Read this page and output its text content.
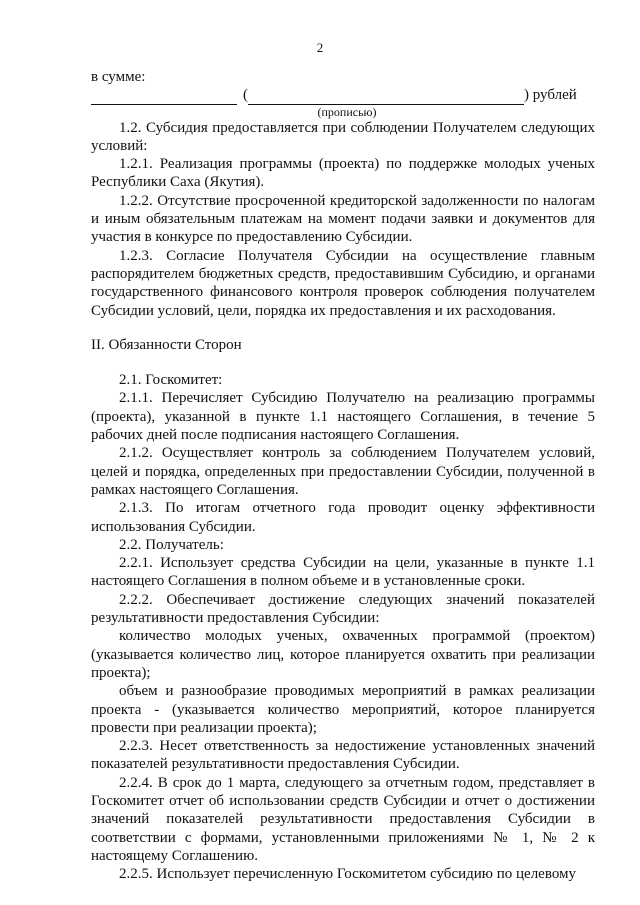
2

в сумме:

(	) рублей
(прописью)

1.2. Субсидия предоставляется при соблюдении Получателем следующих условий:

1.2.1. Реализация программы (проекта) по поддержке молодых ученых Республики Саха (Якутия).

1.2.2. Отсутствие просроченной кредиторской задолженности по налогам и иным обязательным платежам на момент подачи заявки и документов для участия в конкурсе по предоставлению Субсидии.

1.2.3. Согласие Получателя Субсидии на осуществление главным распорядителем бюджетных средств, предоставившим Субсидию, и органами государственного финансового контроля проверок соблюдения получателем Субсидии условий, цели, порядка их предоставления и их расходования.

II. Обязанности Сторон

2.1. Госкомитет:

2.1.1. Перечисляет Субсидию Получателю на реализацию программы (проекта), указанной в пункте 1.1 настоящего Соглашения, в течение 5 рабочих дней после подписания настоящего Соглашения.

2.1.2. Осуществляет контроль за соблюдением Получателем условий, целей и порядка, определенных при предоставлении Субсидии, полученной в рамках настоящего Соглашения.

2.1.3. По итогам отчетного года проводит оценку эффективности использования Субсидии.

2.2. Получатель:

2.2.1. Использует средства Субсидии на цели, указанные в пункте 1.1 настоящего Соглашения в полном объеме и в установленные сроки.

2.2.2. Обеспечивает достижение следующих значений показателей результативности предоставления Субсидии:

количество молодых ученых, охваченных программой (проектом) (указывается количество лиц, которое планируется охватить при реализации проекта);

объем и разнообразие проводимых мероприятий в рамках реализации проекта - (указывается количество мероприятий, которое планируется провести при реализации проекта);

2.2.3. Несет ответственность за недостижение установленных значений показателей результативности предоставления Субсидии.

2.2.4. В срок до 1 марта, следующего за отчетным годом, представляет в Госкомитет отчет об использовании средств Субсидии и отчет о достижении значений показателей результативности предоставления Субсидии в соответствии с формами, установленными приложениями № 1, № 2 к настоящему Соглашению.

2.2.5. Использует перечисленную Госкомитетом субсидию по целевому
